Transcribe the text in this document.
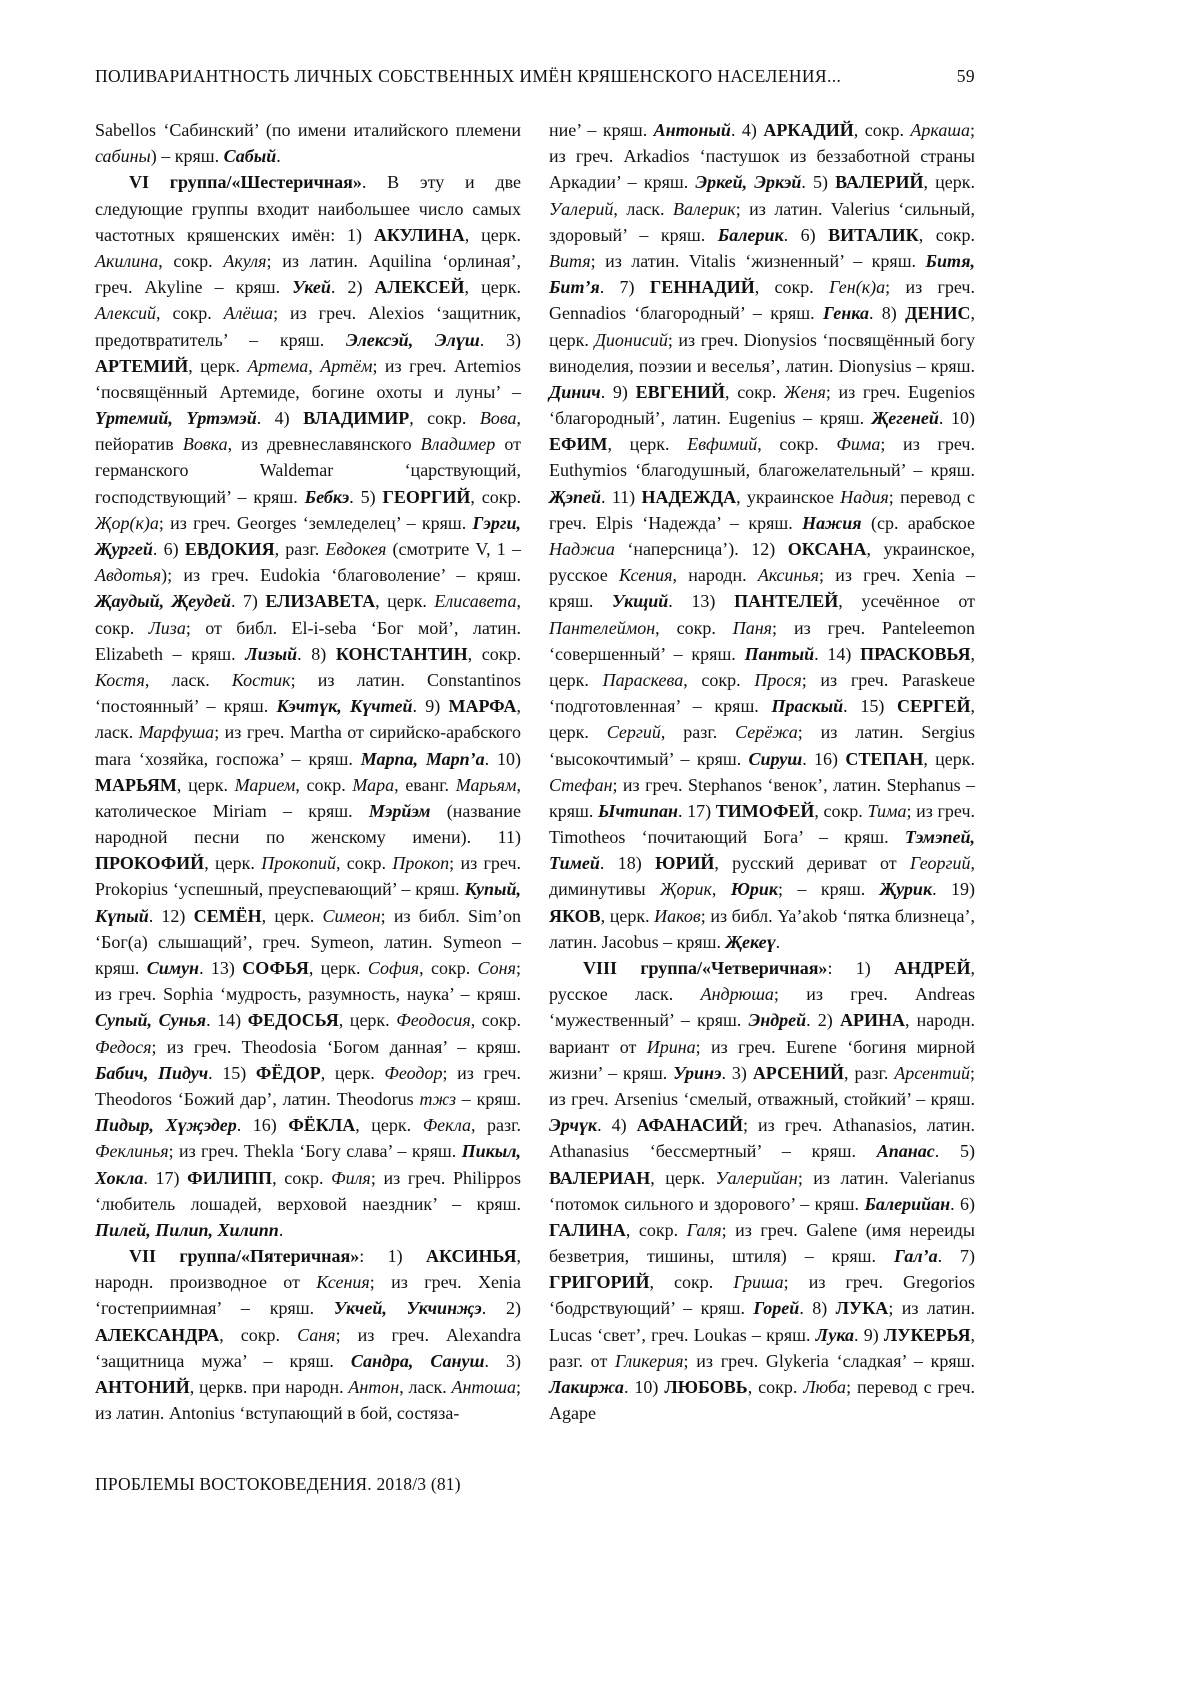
ПОЛИВАРИАНТНОСТЬ ЛИЧНЫХ СОБСТВЕННЫХ ИМЁН КРЯШЕНСКОГО НАСЕЛЕНИЯ...	59

Sabellos ‘Сабинский’ (по имени италийского племени сабины) – кряш. Сабый.

VI группа/«Шестеричная». В эту и две следующие группы входит наибольшее число самых частотных кряшенских имён: 1) АКУЛИНА, церк. Акилина, сокр. Акуля; из латин. Aquilina ‘орлиная’, греч. Akyline – кряш. Укей. 2) АЛЕКСЕЙ, церк. Алексий, сокр. Алёша; из греч. Alexios ‘защитник, предотвратитель’ – кряш. Элексэй, Элүш. 3) АРТЕМИЙ, церк. Артема, Артём; из греч. Artemios ‘посвящённый Артемиде, богине охоты и луны’ – Үртемий, Үртэмэй. 4) ВЛАДИМИР, сокр. Вова, пейоратив Вовка, из древнеславянского Владимер от германского Waldemar ‘царствующий, господствующий’ – кряш. Бебкэ. 5) ГЕОРГИЙ, сокр. Җор(к)а; из греч. Georges ‘земледелец’ – кряш. Гэрги, Җургей. 6) ЕВДОКИЯ, разг. Евдокея (смотрите V, 1 – Авдотья); из греч. Eudokia ‘благоволение’ – кряш. Җаудый, Җеудей. 7) ЕЛИЗАВЕТА, церк. Елисавета, сокр. Лиза; от библ. El-i-seba ‘Бог мой’, латин. Elizabeth – кряш. Лизый. 8) КОНСТАНТИН, сокр. Костя, ласк. Костик; из латин. Constantinos ‘постоянный’ – кряш. Кэчтүк, Күчтей. 9) МАРФА, ласк. Марфуша; из греч. Martha от сирийско-арабского mara ‘хозяйка, госпожа’ – кряш. Марпа, Марп’а. 10) МАРЬЯМ, церк. Марием, сокр. Мара, еванг. Марьям, католическое Miriam – кряш. Мэрйэм (название народной песни по женскому имени). 11) ПРОКОФИЙ, церк. Прокопий, сокр. Прокоп; из греч. Prokopius ‘успешный, преуспевающий’ – кряш. Купый, Күпый. 12) СЕМЁН, церк. Симеон; из библ. Sim’on ‘Бог(а) слышащий’, греч. Symeon, латин. Symeon – кряш. Симун. 13) СОФЬЯ, церк. София, сокр. Соня; из греч. Sophia ‘мудрость, разумность, наука’ – кряш. Супый, Сунья. 14) ФЕДОСЬЯ, церк. Феодосия, сокр. Федося; из греч. Theodosia ‘Богом данная’ – кряш. Бабич, Пидуч. 15) ФЁДОР, церк. Феодор; из греч. Theodoros ‘Божий дар’, латин. Theodorus тжз – кряш. Пидыр, Хүҗэдер. 16) ФЁКЛА, церк. Фекла, разг. Феклинья; из греч. Thekla ‘Богу слава’ – кряш. Пикыл, Хокла. 17) ФИЛИПП, сокр. Филя; из греч. Philippos ‘любитель лошадей, верховой наездник’ – кряш. Пилей, Пилип, Хилипп.

VII группа/«Пятеричная»: 1) АКСИНЬЯ, народн. производное от Ксения; из греч. Xenia ‘гостеприимная’ – кряш. Укчей, Укчинҗэ. 2) АЛЕКСАНДРА, сокр. Саня; из греч. Alexandra ‘защитница мужа’ – кряш. Сандра, Сануш. 3) АНТОНИЙ, церкв. при народн. Антон, ласк. Антоша; из латин. Antonius ‘вступающий в бой, состяза-

ние’ – кряш. Антоный. 4) АРКАДИЙ, сокр. Аркаша; из греч. Arkadios ‘пастушок из беззаботной страны Аркадии’ – кряш. Эркей, Эркэй. 5) ВАЛЕРИЙ, церк. Уалерий, ласк. Валерик; из латин. Valerius ‘сильный, здоровый’ – кряш. Балерик. 6) ВИТАЛИК, сокр. Витя; из латин. Vitalis ‘жизненный’ – кряш. Битя, Бит’я. 7) ГЕННАДИЙ, сокр. Ген(к)а; из греч. Gennadios ‘благородный’ – кряш. Генка. 8) ДЕНИС, церк. Дионисий; из греч. Dionysios ‘посвящённый богу виноделия, поэзии и веселья’, латин. Dionysius – кряш. Динич. 9) ЕВГЕНИЙ, сокр. Женя; из греч. Eugenios ‘благородный’, латин. Eugenius – кряш. Җегеней. 10) ЕФИМ, церк. Евфимий, сокр. Фима; из греч. Euthymios ‘благодушный, благожелательный’ – кряш. Җэпей. 11) НАДЕЖДА, украинское Надия; перевод с греч. Elpis ‘Надежда’ – кряш. Нажия (ср. арабское Наджиа ‘наперсница’). 12) ОКСАНА, украинское, русское Ксения, народн. Аксинья; из греч. Xenia – кряш. Укщий. 13) ПАНТЕЛЕЙ, усечённое от Пантелеймон, сокр. Паня; из греч. Panteleemon ‘совершенный’ – кряш. Пантый. 14) ПРАСКОВЬЯ, церк. Параскева, сокр. Прося; из греч. Paraskeue ‘подготовленная’ – кряш. Праскый. 15) СЕРГЕЙ, церк. Сергий, разг. Серёжа; из латин. Sergius ‘высокочтимый’ – кряш. Сируш. 16) СТЕПАН, церк. Стефан; из греч. Stephanos ‘венок’, латин. Stephanus – кряш. Ычтипан. 17) ТИМОФЕЙ, сокр. Тима; из греч. Timotheos ‘почитающий Бога’ – кряш. Тэмэпей, Тимей. 18) ЮРИЙ, русский дериват от Георгий, диминутивы Җорик, Юрик; – кряш. Җурик. 19) ЯКОВ, церк. Иаков; из библ. Ya’akob ‘пятка близнеца’, латин. Jacobus – кряш. Җекеү.

VIII группа/«Четверичная»: 1) АНДРЕЙ, русское ласк. Андрюша; из греч. Andreas ‘мужественный’ – кряш. Эндрей. 2) АРИНА, народн. вариант от Ирина; из греч. Eurene ‘богиня мирной жизни’ – кряш. Уринэ. 3) АРСЕНИЙ, разг. Арсентий; из греч. Arsenius ‘смелый, отважный, стойкий’ – кряш. Эрчүк. 4) АФАНАСИЙ; из греч. Athanasios, латин. Athanasius ‘бессмертный’ – кряш. Апанас. 5) ВАЛЕРИАН, церк. Уалерийан; из латин. Valerianus ‘потомок сильного и здорового’ – кряш. Балерийан. 6) ГАЛИНА, сокр. Галя; из греч. Galene (имя нереиды безветрия, тишины, штиля) – кряш. Гал’а. 7) ГРИГОРИЙ, сокр. Гриша; из греч. Gregorios ‘бодрствующий’ – кряш. Горей. 8) ЛУКА; из латин. Lucas ‘свет’, греч. Loukas – кряш. Лука. 9) ЛУКЕРЬЯ, разг. от Гликерия; из греч. Glykeria ‘сладкая’ – кряш. Лакиржа. 10) ЛЮБОВЬ, сокр. Люба; перевод с греч. Agape

ПРОБЛЕМЫ ВОСТОКОВЕДЕНИЯ. 2018/3 (81)
